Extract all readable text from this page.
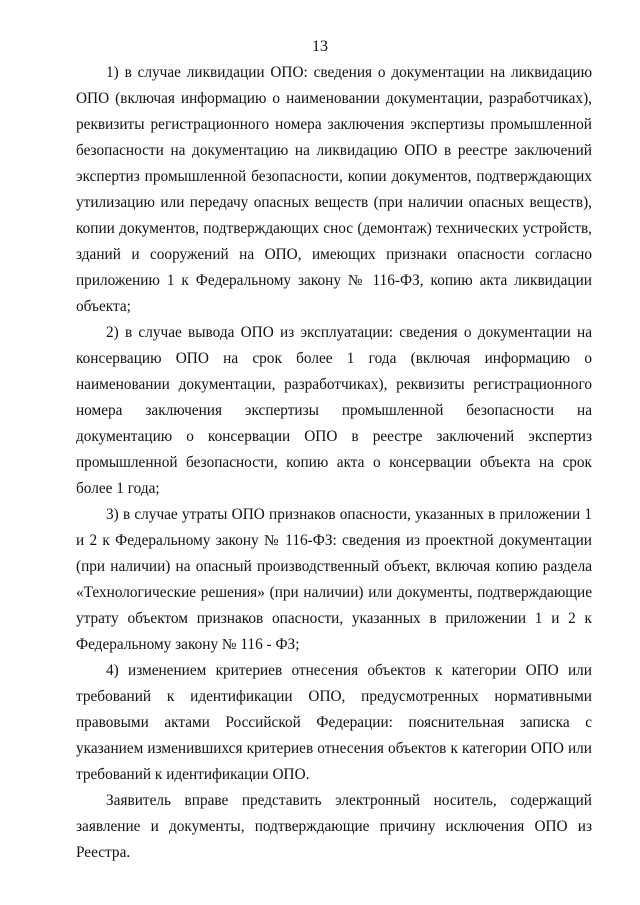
13

1) в случае ликвидации ОПО: сведения о документации на ликвидацию ОПО (включая информацию о наименовании документации, разработчиках), реквизиты регистрационного номера заключения экспертизы промышленной безопасности на документацию на ликвидацию ОПО в реестре заключений экспертиз промышленной безопасности, копии документов, подтверждающих утилизацию или передачу опасных веществ (при наличии опасных веществ), копии документов, подтверждающих снос (демонтаж) технических устройств, зданий и сооружений на ОПО, имеющих признаки опасности согласно приложению 1 к Федеральному закону № 116-ФЗ, копию акта ликвидации объекта;

2) в случае вывода ОПО из эксплуатации: сведения о документации на консервацию ОПО на срок более 1 года (включая информацию о наименовании документации, разработчиках), реквизиты регистрационного номера заключения экспертизы промышленной безопасности на документацию о консервации ОПО в реестре заключений экспертиз промышленной безопасности, копию акта о консервации объекта на срок более 1 года;

3) в случае утраты ОПО признаков опасности, указанных в приложении 1 и 2 к Федеральному закону № 116-ФЗ: сведения из проектной документации (при наличии) на опасный производственный объект, включая копию раздела «Технологические решения» (при наличии) или документы, подтверждающие утрату объектом признаков опасности, указанных в приложении 1 и 2 к Федеральному закону № 116 - ФЗ;

4) изменением критериев отнесения объектов к категории ОПО или требований к идентификации ОПО, предусмотренных нормативными правовыми актами Российской Федерации: пояснительная записка с указанием изменившихся критериев отнесения объектов к категории ОПО или требований к идентификации ОПО.

Заявитель вправе представить электронный носитель, содержащий заявление и документы, подтверждающие причину исключения ОПО из Реестра.
